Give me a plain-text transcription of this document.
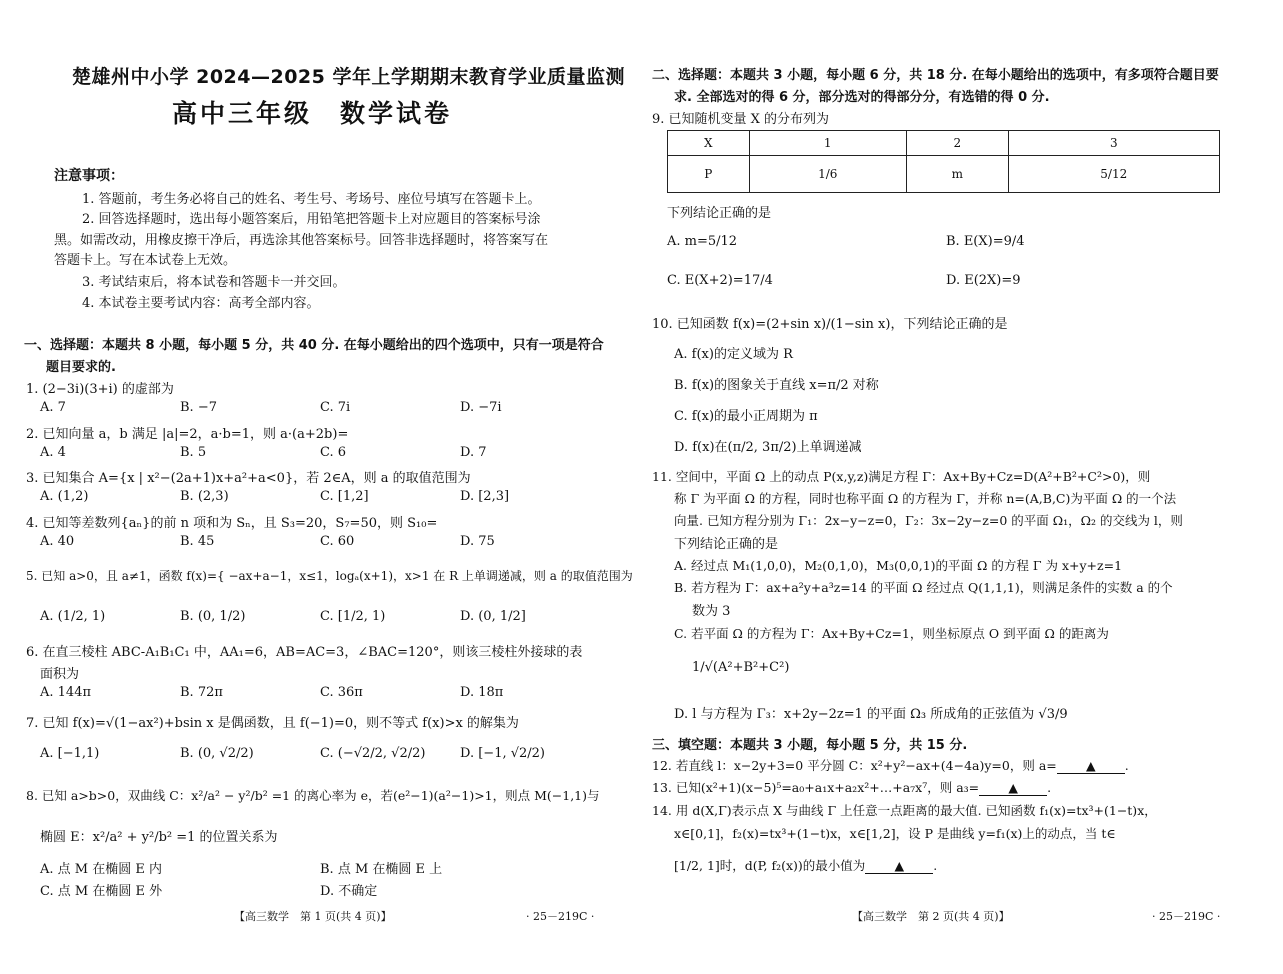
楚雄州中小学 2024—2025 学年上学期期末教育学业质量监测
高中三年级　数学试卷
注意事项：
1. 答题前，考生务必将自己的姓名、考生号、考场号、座位号填写在答题卡上。
2. 回答选择题时，选出每小题答案后，用铅笔把答题卡上对应题目的答案标号涂
黑。如需改动，用橡皮擦干净后，再选涂其他答案标号。回答非选择题时，将答案写在
答题卡上。写在本试卷上无效。
3. 考试结束后，将本试卷和答题卡一并交回。
4. 本试卷主要考试内容：高考全部内容。
一、选择题：本题共 8 小题，每小题 5 分，共 40 分. 在每小题给出的四个选项中，只有一项是符合
题目要求的.
1. (2−3i)(3+i) 的虚部为
A. 7	B. −7	C. 7i	D. −7i
2. 已知向量 a，b 满足 |a|=2，a·b=1，则 a·(a+2b)=
A. 4	B. 5	C. 6	D. 7
3. 已知集合 A={x | x²−(2a+1)x+a²+a<0}，若 2∈A，则 a 的取值范围为
A. (1,2)	B. (2,3)	C. [1,2]	D. [2,3]
4. 已知等差数列{aₙ}的前 n 项和为 Sₙ，且 S₃=20，S₇=50，则 S₁₀=
A. 40	B. 45	C. 60	D. 75
5. 已知 a>0，且 a≠1，函数 f(x)={ −ax+a−1，x≤1，logₐ(x+1)，x>1 在 R 上单调递减，则 a 的取值范围为
A. (1/2, 1)	B. (0, 1/2)	C. [1/2, 1)	D. (0, 1/2]
6. 在直三棱柱 ABC-A₁B₁C₁ 中，AA₁=6，AB=AC=3，∠BAC=120°，则该三棱柱外接球的表
面积为
A. 144π	B. 72π	C. 36π	D. 18π
7. 已知 f(x)=√(1−ax²)+bsin x 是偶函数，且 f(−1)=0，则不等式 f(x)>x 的解集为
A. [−1,1)	B. (0, √2/2)	C. (−√2/2, √2/2)	D. [−1, √2/2)
8. 已知 a>b>0，双曲线 C：x²/a² − y²/b² =1 的离心率为 e，若(e²−1)(a²−1)>1，则点 M(−1,1)与
椭圆 E：x²/a² + y²/b² =1 的位置关系为
A. 点 M 在椭圆 E 内	B. 点 M 在椭圆 E 上
C. 点 M 在椭圆 E 外	D. 不确定
【高三数学　第 1 页(共 4 页)】	· 25－219C ·
二、选择题：本题共 3 小题，每小题 6 分，共 18 分. 在每小题给出的选项中，有多项符合题目要
求. 全部选对的得 6 分，部分选对的得部分分，有选错的得 0 分.
9. 已知随机变量 X 的分布列为
X	1	2	3
P	1/6	m	5/12
下列结论正确的是
A. m=5/12	B. E(X)=9/4
C. E(X+2)=17/4	D. E(2X)=9
10. 已知函数 f(x)=(2+sin x)/(1−sin x)，下列结论正确的是
A. f(x)的定义域为 R
B. f(x)的图象关于直线 x=π/2 对称
C. f(x)的最小正周期为 π
D. f(x)在(π/2, 3π/2)上单调递减
11. 空间中，平面 Ω 上的动点 P(x,y,z)满足方程 Γ：Ax+By+Cz=D(A²+B²+C²>0)，则
称 Γ 为平面 Ω 的方程，同时也称平面 Ω 的方程为 Γ，并称 n=(A,B,C)为平面 Ω 的一个法
向量. 已知方程分别为 Γ₁：2x−y−z=0，Γ₂：3x−2y−z=0 的平面 Ω₁，Ω₂ 的交线为 l，则
下列结论正确的是
A. 经过点 M₁(1,0,0)，M₂(0,1,0)，M₃(0,0,1)的平面 Ω 的方程 Γ 为 x+y+z=1
B. 若方程为 Γ：ax+a²y+a³z=14 的平面 Ω 经过点 Q(1,1,1)，则满足条件的实数 a 的个
数为 3
C. 若平面 Ω 的方程为 Γ：Ax+By+Cz=1，则坐标原点 O 到平面 Ω 的距离为
1/√(A²+B²+C²)
D. l 与方程为 Γ₃：x+2y−2z=1 的平面 Ω₃ 所成角的正弦值为 √3/9
三、填空题：本题共 3 小题，每小题 5 分，共 15 分.
12. 若直线 l：x−2y+3=0 平分圆 C：x²+y²−ax+(4−4a)y=0，则 a= ▲ .
13. 已知(x²+1)(x−5)⁵=a₀+a₁x+a₂x²+…+a₇x⁷，则 a₃= ▲ .
14. 用 d(X,Γ)表示点 X 与曲线 Γ 上任意一点距离的最大值. 已知函数 f₁(x)=tx³+(1−t)x，
x∈[0,1]，f₂(x)=tx³+(1−t)x，x∈[1,2]，设 P 是曲线 y=f₁(x)上的动点，当 t∈
[1/2, 1]时，d(P, f₂(x))的最小值为 ▲ .
【高三数学　第 2 页(共 4 页)】	· 25－219C ·
